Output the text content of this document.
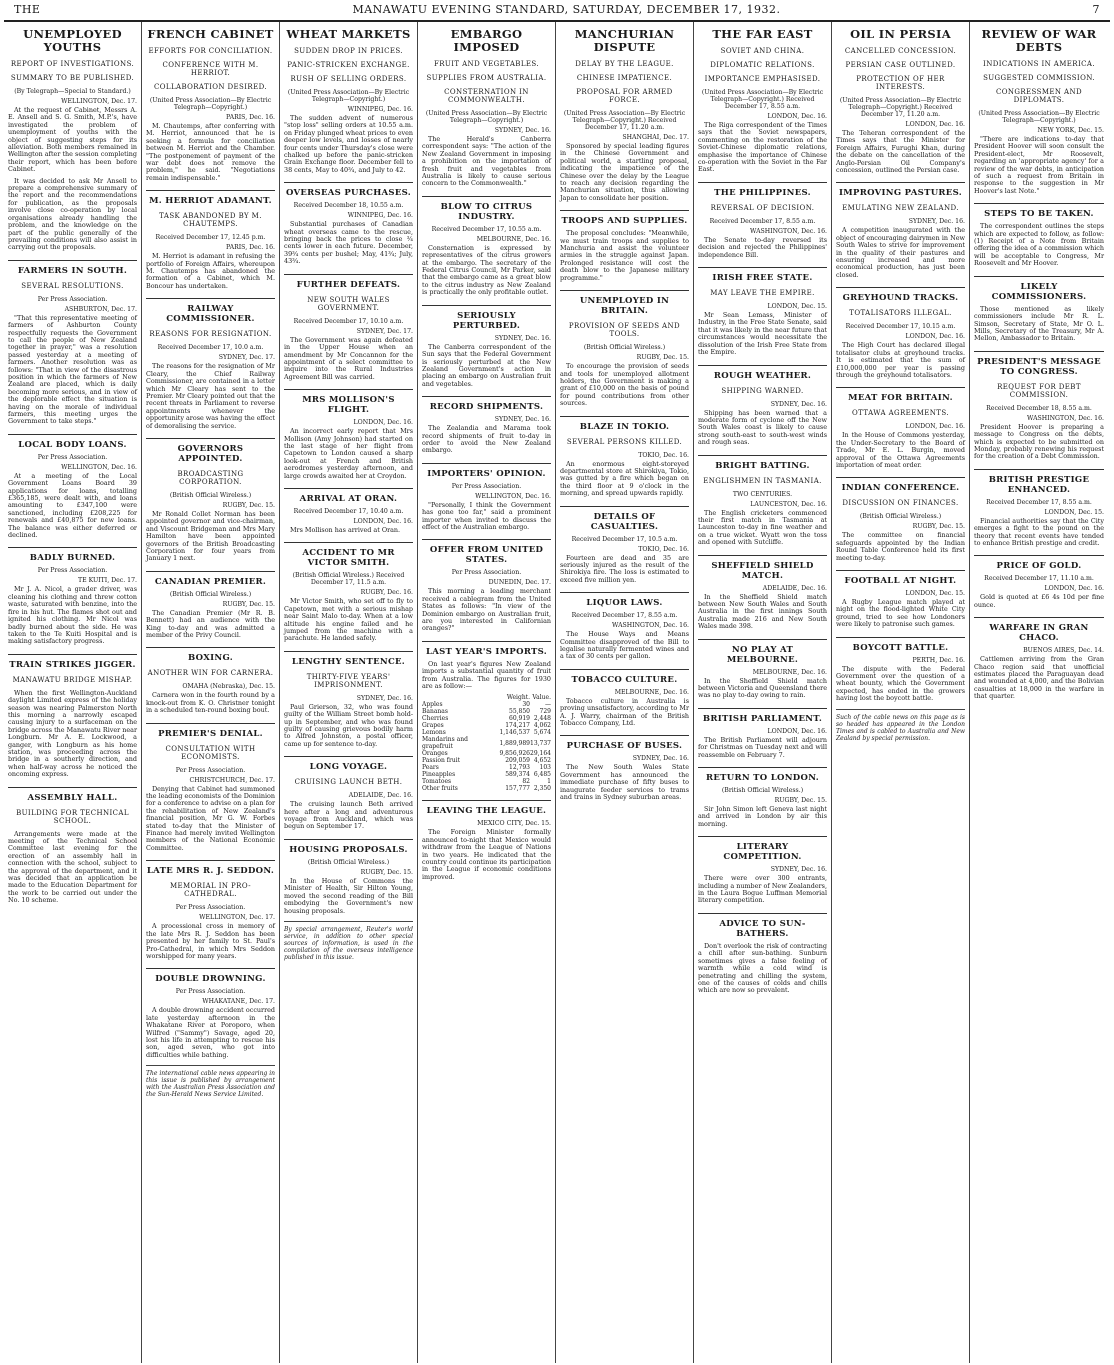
THE	MANAWATU EVENING STANDARD, SATURDAY, DECEMBER 17, 1932.	7
UNEMPLOYED YOUTHS
REPORT OF INVESTIGATIONS.
SUMMARY TO BE PUBLISHED.
(By Telegraph—Special to Standard.)
WELLINGTON, Dec. 17.

At the request of Cabinet, Messrs A. E. Ansell and S. G. Smith, M.P.'s, have investigated the problem of unemployment of youths with the object of suggesting steps for its alleviation. Both members remained in Wellington after the session completing their report, which has been before Cabinet.

It was decided to ask Mr Ansell to prepare a comprehensive summary of the report and the recommendations for publication, as the proposals involve close co-operation by local organisations already handling the problem, and the knowledge on the part of the public generally of the prevailing conditions will also assist in carrying out the proposals.

FARMERS IN SOUTH.
SEVERAL RESOLUTIONS.
Per Press Association.
ASHBURTON, Dec. 17.

"That this representative meeting of farmers of Ashburton County respectfully requests the Government to call the people of New Zealand together in prayer," was a resolution passed yesterday at a meeting of farmers. Another resolution was as follows: "That in view of the disastrous position in which the farmers of New Zealand are placed, which is daily becoming more serious, and in view of the deplorable effect the situation is having on the morale of individual farmers, this meeting urges the Government to take steps."

LOCAL BODY LOANS.
Per Press Association.
WELLINGTON, Dec. 16.

At a meeting of the Local Government Loans Board 39 applications for loans, totalling £365,185, were dealt with, and loans amounting to £347,100 were sanctioned, including £208,225 for renewals and £40,875 for new loans. The balance was either deferred or declined.

BADLY BURNED.
Per Press Association.
TE KUITI, Dec. 17.

Mr J. A. Nicol, a grader driver, was cleaning his clothing and threw cotton waste, saturated with benzine, into the fire in his hut. The flames shot out and ignited his clothing. Mr Nicol was badly burned about the side. He was taken to the Te Kuiti Hospital and is making satisfactory progress.

TRAIN STRIKES JIGGER.
MANAWATU BRIDGE MISHAP.

When the first Wellington-Auckland daylight Limited express of the holiday season was nearing Palmerston North this morning a narrowly escaped causing injury to a surfaceman on the bridge across the Manawatu River near Longburn. Mr A. E. Lockwood, a ganger, with Longburn as his home station, was proceeding across the bridge in a southerly direction, and when half-way across he noticed the oncoming express.

ASSEMBLY HALL.
BUILDING FOR TECHNICAL SCHOOL.

Arrangements were made at the meeting of the Technical School Committee last evening for the erection of an assembly hall in connection with the school, subject to the approval of the department, and it was decided that an application be made to the Education Department for the work to be carried out under the No. 10 scheme.

FRENCH CABINET
EFFORTS FOR CONCILIATION.
CONFERENCE WITH M. HERRIOT.
COLLABORATION DESIRED.
(United Press Association—By Electric Telegraph—Copyright.)
PARIS, Dec. 16.

M. Chautemps, after conferring with M. Herriot, announced that he is seeking a formula for conciliation between M. Herriot and the Chamber. "The postponement of payment of the war debt does not remove the problem," he said. "Negotiations remain indispensable."

M. HERRIOT ADAMANT.
TASK ABANDONED BY M. CHAUTEMPS.
Received December 17, 12.45 p.m.
PARIS, Dec. 16.

M. Herriot is adamant in refusing the portfolio of Foreign Affairs, whereupon M. Chautemps has abandoned the formation of a Cabinet, which M. Boncour has undertaken.

RAILWAY COMMISSIONER.
REASONS FOR RESIGNATION.
Received December 17, 10.0 a.m.
SYDNEY, Dec. 17.

The reasons for the resignation of Mr Cleary, the Chief Railway Commissioner, are contained in a letter which Mr Cleary has sent to the Premier. Mr Cleary pointed out that the recent threats in Parliament to reverse appointments whenever the opportunity arose was having the effect of demoralising the service.

GOVERNORS APPOINTED.
BROADCASTING CORPORATION.
(British Official Wireless.)
RUGBY, Dec. 15.

Mr Ronald Collet Norman has been appointed governor and vice-chairman, and Viscount Bridgeman and Mrs Mary Hamilton have been appointed governors of the British Broadcasting Corporation for four years from January 1 next.

CANADIAN PREMIER.
(British Official Wireless.)
RUGBY, Dec. 15.

The Canadian Premier (Mr R. B. Bennett) had an audience with the King to-day and was admitted a member of the Privy Council.

BOXING.
ANOTHER WIN FOR CARNERA.
OMAHA (Nebraska), Dec. 15.

Carnera won in the fourth round by a knock-out from K. O. Christner tonight in a scheduled ten-round boxing bout.

PREMIER'S DENIAL.
CONSULTATION WITH ECONOMISTS.
Per Press Association.
CHRISTCHURCH, Dec. 17.

Denying that Cabinet had summoned the leading economists of the Dominion for a conference to advise on a plan for the rehabilitation of New Zealand's financial position, Mr G. W. Forbes stated to-day that the Minister of Finance had merely invited Wellington members of the National Economic Committee.

LATE MRS R. J. SEDDON.
MEMORIAL IN PRO-CATHEDRAL.
Per Press Association.
WELLINGTON, Dec. 17.

A processional cross in memory of the late Mrs R. J. Seddon has been presented by her family to St. Paul's Pro-Cathedral, in which Mrs Seddon worshipped for many years.

DOUBLE DROWNING.
Per Press Association.
WHAKATANE, Dec. 17.

A double drowning accident occurred late yesterday afternoon in the Whakatane River at Poroporo, when Wilfred ("Sammy") Savage, aged 20, lost his life in attempting to rescue his son, aged seven, who got into difficulties while bathing.

The international cable news appearing in this issue is published by arrangement with the Australian Press Association and the Sun-Herald News Service Limited.
WHEAT MARKETS
SUDDEN DROP IN PRICES.
PANIC-STRICKEN EXCHANGE.
RUSH OF SELLING ORDERS.
(United Press Association—By Electric Telegraph—Copyright.)
WINNIPEG, Dec. 16.

The sudden advent of numerous "stop loss" selling orders at 10.55 a.m. on Friday plunged wheat prices to even deeper low levels, and losses of nearly four cents under Thursday's close were chalked up before the panic-stricken Grain Exchange floor. December fell to 38 cents, May to 40¾, and July to 42.

OVERSEAS PURCHASES.
Received December 18, 10.55 a.m.
WINNIPEG, Dec. 16.

Substantial purchases of Canadian wheat overseas came to the rescue, bringing back the prices to close ¾ cents lower in each future. December, 39¾ cents per bushel; May, 41¾; July, 43¾.

FURTHER DEFEATS.
NEW SOUTH WALES GOVERNMENT.
Received December 17, 10.10 a.m.
SYDNEY, Dec. 17.

The Government was again defeated in the Upper House when an amendment by Mr Concannon for the appointment of a select committee to inquire into the Rural Industries Agreement Bill was carried.

MRS MOLLISON'S FLIGHT.
LONDON, Dec. 16.

An incorrect early report that Mrs Mollison (Amy Johnson) had started on the last stage of her flight from Capetown to London caused a sharp look-out at French and British aerodromes yesterday afternoon, and large crowds awaited her at Croydon.

ARRIVAL AT ORAN.
Received December 17, 10.40 a.m.
LONDON, Dec. 16.

Mrs Mollison has arrived at Oran.

ACCIDENT TO MR VICTOR SMITH.
(British Official Wireless.) Received December 17, 11.5 a.m.
RUGBY, Dec. 16.

Mr Victor Smith, who set off to fly to Capetown, met with a serious mishap near Saint Malo to-day. When at a low altitude his engine failed and he jumped from the machine with a parachute. He landed safely.

LENGTHY SENTENCE.
THIRTY-FIVE YEARS' IMPRISONMENT.
SYDNEY, Dec. 16.

Paul Grierson, 32, who was found guilty of the William Street bomb hold-up in September, and who was found guilty of causing grievous bodily harm to Alfred Johnston, a postal officer, came up for sentence to-day.

LONG VOYAGE.
CRUISING LAUNCH BETH.
ADELAIDE, Dec. 16.

The cruising launch Beth arrived here after a long and adventurous voyage from Auckland, which was begun on September 17.

HOUSING PROPOSALS.
(British Official Wireless.)
RUGBY, Dec. 15.

In the House of Commons the Minister of Health, Sir Hilton Young, moved the second reading of the Bill embodying the Government's new housing proposals.

By special arrangement, Reuter's world service, in addition to other special sources of information, is used in the compilation of the overseas intelligence published in this issue.
EMBARGO IMPOSED
FRUIT AND VEGETABLES.
SUPPLIES FROM AUSTRALIA.
CONSTERNATION IN COMMONWEALTH.
(United Press Association—By Electric Telegraph—Copyright.)
SYDNEY, Dec. 16.

The Herald's Canberra correspondent says: "The action of the New Zealand Government in imposing a prohibition on the importation of fresh fruit and vegetables from Australia is likely to cause serious concern to the Commonwealth."

BLOW TO CITRUS INDUSTRY.
Received December 17, 10.55 a.m.
MELBOURNE, Dec. 16.

Consternation is expressed by representatives of the citrus growers at the embargo. The secretary of the Federal Citrus Council, Mr Parker, said that the embargo came as a great blow to the citrus industry as New Zealand is practically the only profitable outlet.

SERIOUSLY PERTURBED.
SYDNEY, Dec. 16.

The Canberra correspondent of the Sun says that the Federal Government is seriously perturbed at the New Zealand Government's action in placing an embargo on Australian fruit and vegetables.

RECORD SHIPMENTS.
SYDNEY, Dec. 16.

The Zealandia and Marama took record shipments of fruit to-day in order to avoid the New Zealand embargo.

IMPORTERS' OPINION.
Per Press Association.
WELLINGTON, Dec. 16.

"Personally, I think the Government has gone too far," said a prominent importer when invited to discuss the effect of the Australian embargo.

OFFER FROM UNITED STATES.
Per Press Association.
DUNEDIN, Dec. 17.

This morning a leading merchant received a cablegram from the United States as follows: "In view of the Dominion embargo on Australian fruit, are you interested in Californian oranges?"

LAST YEAR'S IMPORTS.

On last year's figures New Zealand imports a substantial quantity of fruit from Australia. The figures for 1930 are as follow:—

	Weight.	Value.
Apples	30	—
Bananas	55,850	729
Cherries	60,919	2,448
Grapes	174,217	4,062
Lemons	1,146,537	5,674
Mandarins and grapefruit	1,889,989	13,737
Oranges	9,856,926	29,164
Passion fruit	209,059	4,652
Pears	12,793	103
Pineapples	589,374	6,485
Tomatoes	82	1
Other fruits	157,777	2,350
LEAVING THE LEAGUE.
MEXICO CITY, Dec. 15.

The Foreign Minister formally announced to-night that Mexico would withdraw from the League of Nations in two years. He indicated that the country could continue its participation in the League if economic conditions improved.

MANCHURIAN DISPUTE
DELAY BY THE LEAGUE.
CHINESE IMPATIENCE.
PROPOSAL FOR ARMED FORCE.
(United Press Association—By Electric Telegraph—Copyright.) Received December 17, 11.20 a.m.
SHANGHAI, Dec. 17.

Sponsored by special leading figures in the Chinese Government and political world, a startling proposal, indicating the impatience of the Chinese over the delay by the League to reach any decision regarding the Manchurian situation, thus allowing Japan to consolidate her position.

TROOPS AND SUPPLIES.

The proposal concludes: "Meanwhile, we must train troops and supplies to Manchuria and assist the volunteer armies in the struggle against Japan. Prolonged resistance will cost the death blow to the Japanese military programme."

UNEMPLOYED IN BRITAIN.
PROVISION OF SEEDS AND TOOLS.
(British Official Wireless.)
RUGBY, Dec. 15.

To encourage the provision of seeds and tools for unemployed allotment holders, the Government is making a grant of £10,000 on the basis of pound for pound contributions from other sources.

BLAZE IN TOKIO.
SEVERAL PERSONS KILLED.
TOKIO, Dec. 16.

An enormous eight-storeyed departmental store at Shirokiya, Tokio, was gutted by a fire which began on the third floor at 9 o'clock in the morning, and spread upwards rapidly.

DETAILS OF CASUALTIES.
Received December 17, 10.5 a.m.
TOKIO, Dec. 16.

Fourteen are dead and 35 are seriously injured as the result of the Shirokiya fire. The loss is estimated to exceed five million yen.

LIQUOR LAWS.
Received December 17, 8.55 a.m.
WASHINGTON, Dec. 16.

The House Ways and Means Committee disapproved of the Bill to legalise naturally fermented wines and a tax of 30 cents per gallon.

TOBACCO CULTURE.
MELBOURNE, Dec. 16.

Tobacco culture in Australia is proving unsatisfactory, according to Mr A. J. Warry, chairman of the British Tobacco Company, Ltd.

PURCHASE OF BUSES.
SYDNEY, Dec. 16.

The New South Wales State Government has announced the immediate purchase of fifty buses to inaugurate feeder services to trams and trains in Sydney suburban areas.

THE FAR EAST
SOVIET AND CHINA.
DIPLOMATIC RELATIONS.
IMPORTANCE EMPHASISED.
(United Press Association—By Electric Telegraph—Copyright.) Received December 17, 8.55 a.m.
LONDON, Dec. 16.

The Riga correspondent of the Times says that the Soviet newspapers, commenting on the restoration of the Soviet-Chinese diplomatic relations, emphasise the importance of Chinese co-operation with the Soviet in the Far East.

THE PHILIPPINES.
REVERSAL OF DECISION.
Received December 17, 8.55 a.m.
WASHINGTON, Dec. 16.

The Senate to-day reversed its decision and rejected the Philippines' independence Bill.

IRISH FREE STATE.
MAY LEAVE THE EMPIRE.
LONDON, Dec. 15.

Mr Sean Lemass, Minister of Industry, in the Free State Senate, said that it was likely in the near future that circumstances would necessitate the dissolution of the Irish Free State from the Empire.

ROUGH WEATHER.
SHIPPING WARNED.
SYDNEY, Dec. 16.

Shipping has been warned that a moderate form of cyclone off the New South Wales coast is likely to cause strong south-east to south-west winds and rough seas.

BRIGHT BATTING.
ENGLISHMEN IN TASMANIA.
TWO CENTURIES.
LAUNCESTON, Dec. 16.

The English cricketers commenced their first match in Tasmania at Launceston to-day in fine weather and on a true wicket. Wyatt won the toss and opened with Sutcliffe.

SHEFFIELD SHIELD MATCH.
ADELAIDE, Dec. 16.

In the Sheffield Shield match between New South Wales and South Australia in the first innings South Australia made 216 and New South Wales made 398.

NO PLAY AT MELBOURNE.
MELBOURNE, Dec. 16.

In the Sheffield Shield match between Victoria and Queensland there was no play to-day owing to rain.

BRITISH PARLIAMENT.
LONDON, Dec. 16.

The British Parliament will adjourn for Christmas on Tuesday next and will reassemble on February 7.

RETURN TO LONDON.
(British Official Wireless.)
RUGBY, Dec. 15.

Sir John Simon left Geneva last night and arrived in London by air this morning.

LITERARY COMPETITION.
SYDNEY, Dec. 16.

There were over 300 entrants, including a number of New Zealanders, in the Laura Bogue Luffman Memorial literary competition.

ADVICE TO SUN-BATHERS.

Don't overlook the risk of contracting a chill after sun-bathing. Sunburn sometimes gives a false feeling of warmth while a cold wind is penetrating and chilling the system, one of the causes of colds and chills which are now so prevalent.

OIL IN PERSIA
CANCELLED CONCESSION.
PERSIAN CASE OUTLINED.
PROTECTION OF HER INTERESTS.
(United Press Association—By Electric Telegraph—Copyright.) Received December 17, 11.20 a.m.
LONDON, Dec. 16.

The Teheran correspondent of the Times says that the Minister for Foreign Affairs, Furughi Khan, during the debate on the cancellation of the Anglo-Persian Oil Company's concession, outlined the Persian case.

IMPROVING PASTURES.
EMULATING NEW ZEALAND.
SYDNEY, Dec. 16.

A competition inaugurated with the object of encouraging dairymen in New South Wales to strive for improvement in the quality of their pastures and ensuring increased and more economical production, has just been closed.

GREYHOUND TRACKS.
TOTALISATORS ILLEGAL.
Received December 17, 10.15 a.m.
LONDON, Dec. 16.

The High Court has declared illegal totalisator clubs at greyhound tracks. It is estimated that the sum of £10,000,000 per year is passing through the greyhound totalisators.

MEAT FOR BRITAIN.
OTTAWA AGREEMENTS.
LONDON, Dec. 16.

In the House of Commons yesterday, the Under-Secretary to the Board of Trade, Mr E. L. Burgin, moved approval of the Ottawa Agreements importation of meat order.

INDIAN CONFERENCE.
DISCUSSION ON FINANCES.
(British Official Wireless.)
RUGBY, Dec. 15.

The committee on financial safeguards appointed by the Indian Round Table Conference held its first meeting to-day.

FOOTBALL AT NIGHT.
LONDON, Dec. 15.

A Rugby League match played at night on the flood-lighted White City ground, tried to see how Londoners were likely to patronise such games.

BOYCOTT BATTLE.
PERTH, Dec. 16.

The dispute with the Federal Government over the question of a wheat bounty, which the Government expected, has ended in the growers having lost the boycott battle.

Such of the cable news on this page as is so headed has appeared in the London Times and is cabled to Australia and New Zealand by special permission.
REVIEW OF WAR DEBTS
INDICATIONS IN AMERICA.
SUGGESTED COMMISSION.
CONGRESSMEN AND DIPLOMATS.
(United Press Association—By Electric Telegraph—Copyright.)
NEW YORK, Dec. 15.

"There are indications to-day that President Hoover will soon consult the President-elect, Mr Roosevelt, regarding an 'appropriate agency' for a review of the war debts, in anticipation of such a request from Britain in response to the suggestion in Mr Hoover's last Note."

STEPS TO BE TAKEN.

The correspondent outlines the steps which are expected to follow, as follow: (1) Receipt of a Note from Britain offering the idea of a commission which will be acceptable to Congress, Mr Roosevelt and Mr Hoover.

LIKELY COMMISSIONERS.

Those mentioned as likely commissioners include Mr R. L. Simson, Secretary of State, Mr O. L. Mills, Secretary of the Treasury, Mr A. Mellon, Ambassador to Britain.

PRESIDENT'S MESSAGE TO CONGRESS.
REQUEST FOR DEBT COMMISSION.
Received December 18, 8.55 a.m.
WASHINGTON, Dec. 16.

President Hoover is preparing a message to Congress on the debts, which is expected to be submitted on Monday, probably renewing his request for the creation of a Debt Commission.

BRITISH PRESTIGE ENHANCED.
Received December 17, 8.55 a.m.
LONDON, Dec. 15.

Financial authorities say that the City emerges a fight to the pound on the theory that recent events have tended to enhance British prestige and credit.

PRICE OF GOLD.
Received December 17, 11.10 a.m.
LONDON, Dec. 16.

Gold is quoted at £6 4s 10d per fine ounce.

WARFARE IN GRAN CHACO.
BUENOS AIRES, Dec. 14.

Cattlemen arriving from the Gran Chaco region said that unofficial estimates placed the Paraguayan dead and wounded at 4,000, and the Bolivian casualties at 18,000 in the warfare in that quarter.
